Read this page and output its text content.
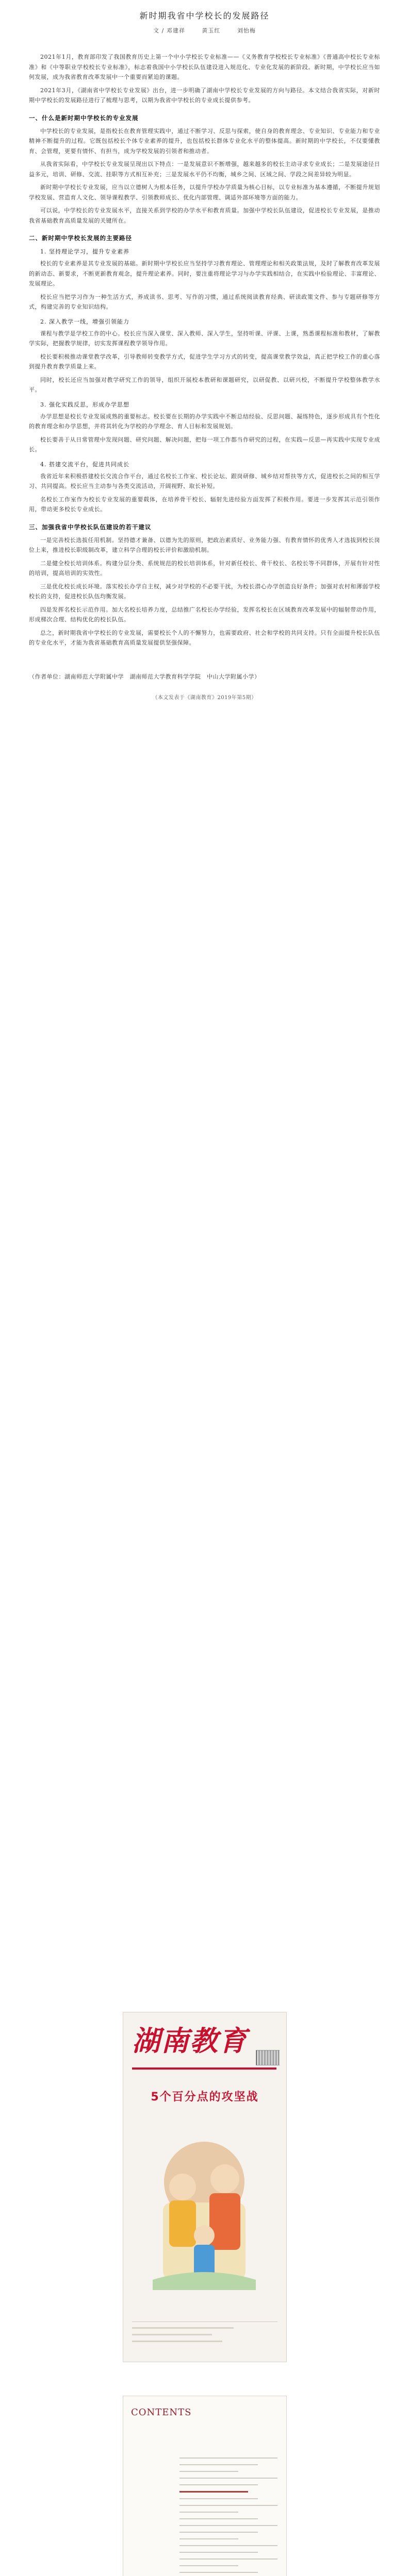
新时期我省中学校长的发展路径
文 / 邓建祥	黄玉红	刘怡梅

2021年1月，教育部印发了我国教育历史上第一个中小学校长专业标准——《义务教育学校校长专业标准》《普通高中校长专业标准》和《中等职业学校校长专业标准》，标志着我国中小学校长队伍建设进入规范化、专业化发展的新阶段。新时期，中学校长应当如何发展，成为我省教育改革发展中一个重要而紧迫的课题。

2021年3月，《湖南省中学校长专业发展》出台，进一步明确了湖南中学校长专业发展的方向与路径。本文结合我省实际，对新时期中学校长的发展路径进行了梳理与思考，以期为我省中学校长的专业成长提供参考。

一、什么是新时期中学校长的专业发展

中学校长的专业发展，是指校长在教育管理实践中，通过不断学习、反思与探索，使自身的教育理念、专业知识、专业能力和专业精神不断提升的过程。它既包括校长个体专业素养的提升，也包括校长群体专业化水平的整体提高。新时期的中学校长，不仅要懂教育、会管理，更要有情怀、有担当，成为学校发展的引领者和推动者。

从我省实际看，中学校长专业发展呈现出以下特点：一是发展意识不断增强，越来越多的校长主动寻求专业成长；二是发展途径日益多元，培训、研修、交流、挂职等方式相互补充；三是发展水平仍不均衡，城乡之间、区域之间、学段之间差异较为明显。

新时期中学校长专业发展，应当以立德树人为根本任务，以提升学校办学质量为核心目标，以专业标准为基本遵循，不断提升规划学校发展、营造育人文化、领导课程教学、引领教师成长、优化内部管理、调适外部环境等方面的能力。

可以说，中学校长的专业发展水平，直接关系到学校的办学水平和教育质量。加强中学校长队伍建设，促进校长专业发展，是推动我省基础教育高质量发展的关键所在。

二、新时期中学校长发展的主要路径
1. 坚持理论学习，提升专业素养

校长的专业素养是其专业发展的基础。新时期中学校长应当坚持学习教育理论、管理理论和相关政策法规，及时了解教育改革发展的新动态、新要求，不断更新教育观念，提升理论素养。同时，要注重将理论学习与办学实践相结合，在实践中检验理论、丰富理论、发展理论。

校长应当把学习作为一种生活方式，养成读书、思考、写作的习惯，通过系统阅读教育经典、研读政策文件、参与专题研修等方式，构建完善的专业知识结构。

2. 深入教学一线，增强引领能力

课程与教学是学校工作的中心。校长应当深入课堂、深入教师、深入学生，坚持听课、评课、上课，熟悉课程标准和教材，了解教学实际，把握教学规律，切实发挥课程教学领导作用。

校长要积极推动课堂教学改革，引导教师转变教学方式，促进学生学习方式的转变，提高课堂教学效益，真正把学校工作的重心落到提升教育教学质量上来。

同时，校长还应当加强对教学研究工作的领导，组织开展校本教研和课题研究，以研促教、以研兴校，不断提升学校整体教学水平。

3. 强化实践反思，形成办学思想

办学思想是校长专业发展成熟的重要标志。校长要在长期的办学实践中不断总结经验、反思问题、凝练特色，逐步形成具有个性化的教育理念和办学思想，并将其转化为学校的办学理念、育人目标和发展规划。

校长要善于从日常管理中发现问题、研究问题、解决问题，把每一项工作都当作研究的过程，在实践—反思—再实践中实现专业成长。

4. 搭建交流平台，促进共同成长

我省近年来积极搭建校长交流合作平台，通过名校长工作室、校长论坛、跟岗研修、城乡结对帮扶等方式，促进校长之间的相互学习、共同提高。校长应当主动参与各类交流活动，开阔视野、取长补短。

名校长工作室作为校长专业发展的重要载体，在培养骨干校长、辐射先进经验方面发挥了积极作用。要进一步发挥其示范引领作用，带动更多校长专业成长。

三、加强我省中学校长队伍建设的若干建议

一是完善校长选拔任用机制。坚持德才兼备、以德为先的原则，把政治素质好、业务能力强、有教育情怀的优秀人才选拔到校长岗位上来，推进校长职级制改革，建立科学合理的校长评价和激励机制。

二是健全校长培训体系。构建分层分类、系统规范的校长培训体系，针对新任校长、骨干校长、名校长等不同群体，开展有针对性的培训，提高培训的实效性。

三是优化校长成长环境。落实校长办学自主权，减少对学校的不必要干扰，为校长潜心办学创造良好条件；加强对农村和薄弱学校校长的支持，促进校长队伍均衡发展。

四是发挥名校长示范作用。加大名校长培养力度，总结推广名校长办学经验，发挥名校长在区域教育改革发展中的辐射带动作用，形成梯次合理、结构优化的校长队伍。

总之，新时期我省中学校长的专业发展，需要校长个人的不懈努力，也需要政府、社会和学校的共同支持。只有全面提升校长队伍的专业化水平，才能为我省基础教育高质量发展提供坚强保障。

（作者单位：湖南师范大学附属中学　湖南师范大学教育科学学院　中山大学附属小学）
（本文发表于《湖南教育》2019年第5期）
湖南教育
5个百分点的攻坚战
CONTENTS
